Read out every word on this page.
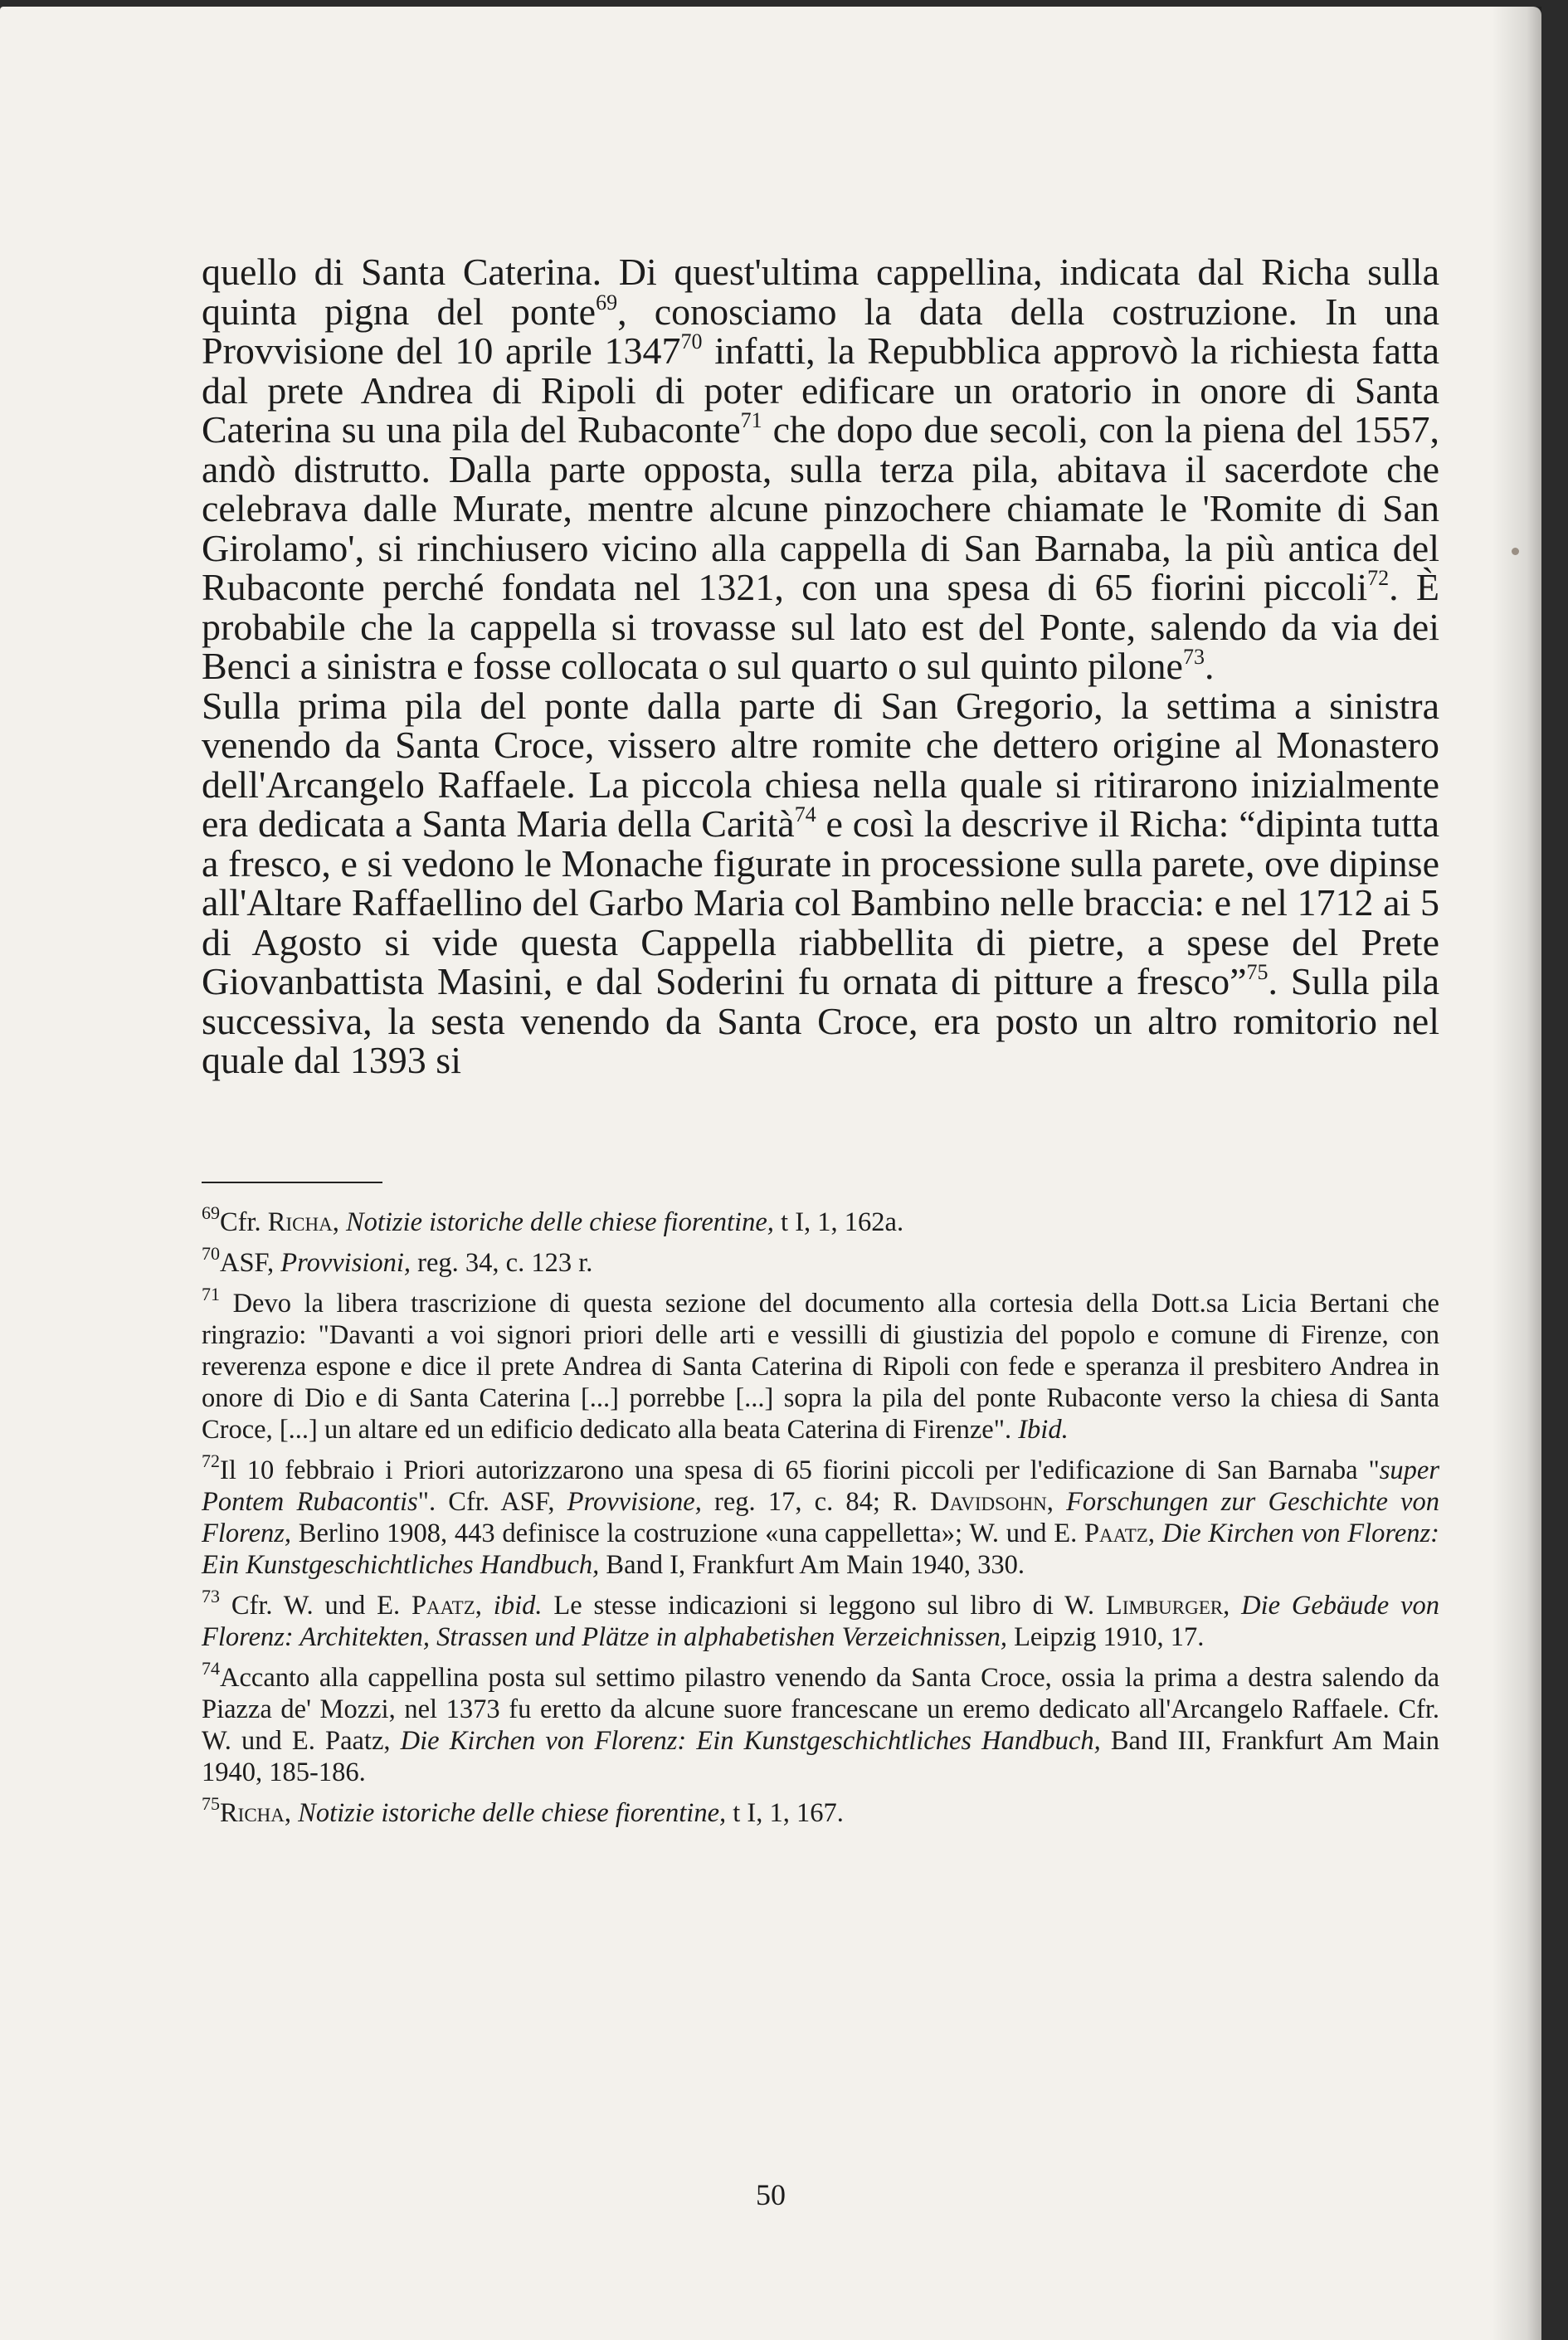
quello di Santa Caterina. Di quest'ultima cappellina, indicata dal Richa sulla quinta pigna del ponte$^{69}$, conosciamo la data della costruzione. In una Provvisione del 10 aprile 1347$^{70}$ infatti, la Repubblica approvò la richiesta fatta dal prete Andrea di Ripoli di poter edificare un oratorio in onore di Santa Caterina su una pila del Rubaconte$^{71}$ che dopo due secoli, con la piena del 1557, andò distrutto. Dalla parte opposta, sulla terza pila, abitava il sacerdote che celebrava dalle Murate, mentre alcune pinzochere chiamate le 'Romite di San Girolamo', si rinchiusero vicino alla cappella di San Barnaba, la più antica del Rubaconte perché fondata nel 1321, con una spesa di 65 fiorini piccoli$^{72}$. È probabile che la cappella si trovasse sul lato est del Ponte, salendo da via dei Benci a sinistra e fosse collocata o sul quarto o sul quinto pilone$^{73}$.

Sulla prima pila del ponte dalla parte di San Gregorio, la settima a sinistra venendo da Santa Croce, vissero altre romite che dettero origine al Monastero dell'Arcangelo Raffaele. La piccola chiesa nella quale si ritirarono inizialmente era dedicata a Santa Maria della Carità$^{74}$ e così la descrive il Richa: “dipinta tutta a fresco, e si vedono le Monache figurate in processione sulla parete, ove dipinse all'Altare Raffaellino del Garbo Maria col Bambino nelle braccia: e nel 1712 ai 5 di Agosto si vide questa Cappella riabbellita di pietre, a spese del Prete Giovanbattista Masini, e dal Soderini fu ornata di pitture a fresco”$^{75}$. Sulla pila successiva, la sesta venendo da Santa Croce, era posto un altro romitorio nel quale dal 1393 si

$^{69}$Cfr. Richa, Notizie istoriche delle chiese fiorentine, t I, 1, 162a.

$^{70}$ASF, Provvisioni, reg. 34, c. 123 r.

$^{71}$ Devo la libera trascrizione di questa sezione del documento alla cortesia della Dott.sa Licia Bertani che ringrazio: "Davanti a voi signori priori delle arti e vessilli di giustizia del popolo e comune di Firenze, con reverenza espone e dice il prete Andrea di Santa Caterina di Ripoli con fede e speranza il presbitero Andrea in onore di Dio e di Santa Caterina [...] porrebbe [...] sopra la pila del ponte Rubaconte verso la chiesa di Santa Croce, [...] un altare ed un edificio dedicato alla beata Caterina di Firenze". Ibid.

$^{72}$Il 10 febbraio i Priori autorizzarono una spesa di 65 fiorini piccoli per l'edificazione di San Barnaba "super Pontem Rubacontis". Cfr. ASF, Provvisione, reg. 17, c. 84; R. Davidsohn, Forschungen zur Geschichte von Florenz, Berlino 1908, 443 definisce la costruzione «una cappelletta»; W. und E. Paatz, Die Kirchen von Florenz: Ein Kunstgeschichtliches Handbuch, Band I, Frankfurt Am Main 1940, 330.

$^{73}$ Cfr. W. und E. Paatz, ibid. Le stesse indicazioni si leggono sul libro di W. Limburger, Die Gebäude von Florenz: Architekten, Strassen und Plätze in alphabetishen Verzeichnissen, Leipzig 1910, 17.

$^{74}$Accanto alla cappellina posta sul settimo pilastro venendo da Santa Croce, ossia la prima a destra salendo da Piazza de' Mozzi, nel 1373 fu eretto da alcune suore francescane un eremo dedicato all'Arcangelo Raffaele. Cfr. W. und E. Paatz, Die Kirchen von Florenz: Ein Kunstgeschichtliches Handbuch, Band III, Frankfurt Am Main 1940, 185-186.

$^{75}$Richa, Notizie istoriche delle chiese fiorentine, t I, 1, 167.

50
